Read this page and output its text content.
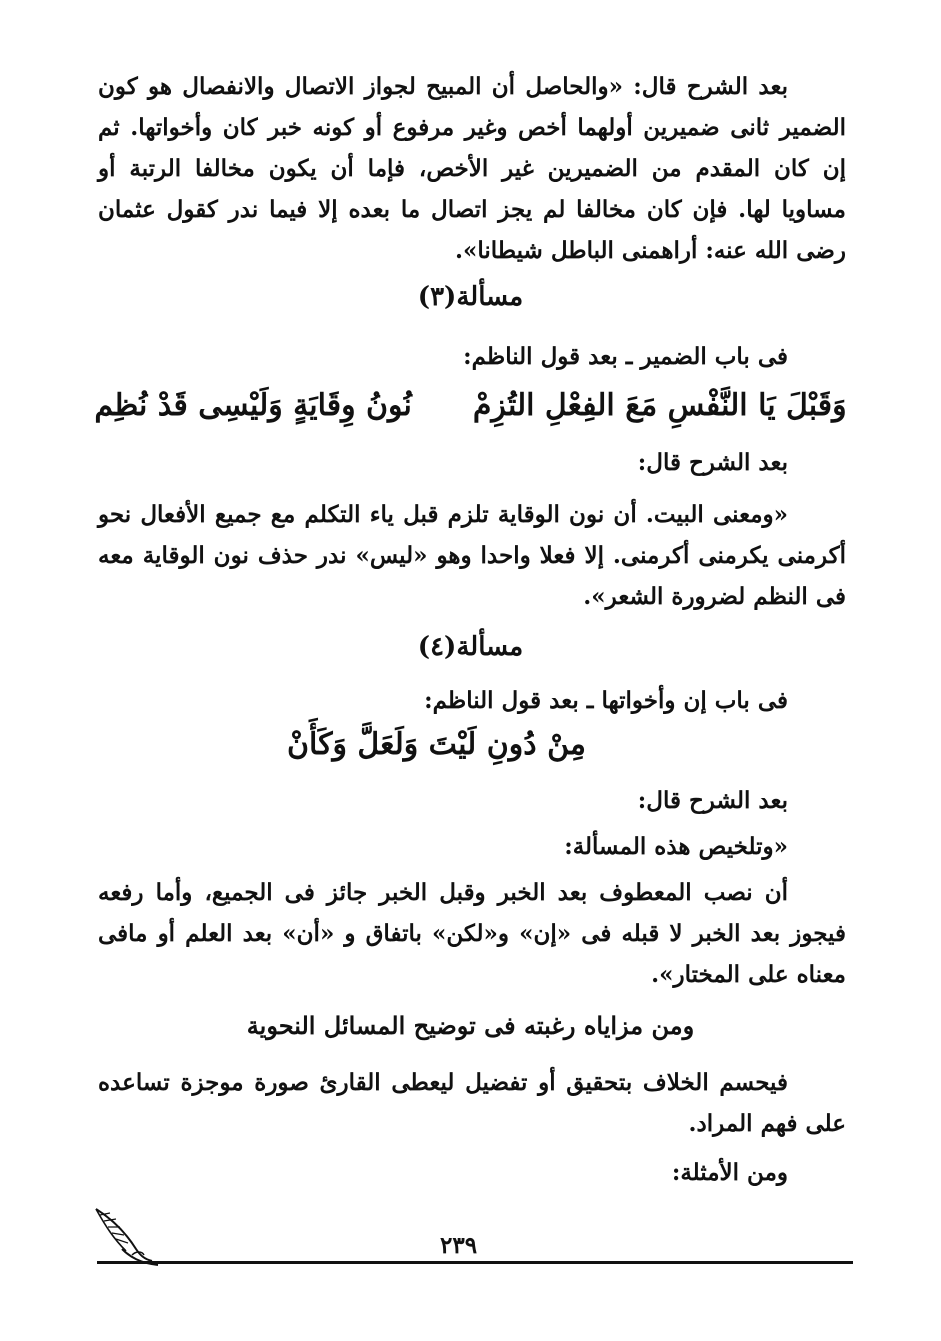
بعد الشرح قال: «والحاصل أن المبيح لجواز الاتصال والانفصال هو كون الضمير ثانى ضميرين أولهما أخص وغير مرفوع أو كونه خبر كان وأخواتها. ثم إن كان المقدم من الضميرين غير الأخص، فإما أن يكون مخالفا الرتبة أو مساويا لها. فإن كان مخالفا لم يجز اتصال ما بعده إلا فيما ندر كقول عثمان رضى الله عنه: أراهمنى الباطل شيطانا».
مسألة(٣)
فى باب الضمير ـ بعد قول الناظم:
وَقَبْلَ يَا النَّفْسِ مَعَ الفِعْلِ التُزِمْ  نُونُ وِقَايَةٍ وَلَيْسِى قَدْ نُظِم
بعد الشرح قال:
«ومعنى البيت. أن نون الوقاية تلزم قبل ياء التكلم مع جميع الأفعال نحو أكرمنى يكرمنى أكرمنى. إلا فعلا واحدا وهو «ليس» ندر حذف نون الوقاية معه فى النظم لضرورة الشعر».
مسألة(٤)
فى باب إن وأخواتها ـ بعد قول الناظم:
مِنْ دُونِ لَيْتَ وَلَعَلَّ وَكَأَنْ
بعد الشرح قال:
«وتلخيص هذه المسألة:
أن نصب المعطوف بعد الخبر وقبل الخبر جائز فى الجميع، وأما رفعه فيجوز بعد الخبر لا قبله فى «إن» و«لكن» باتفاق و «أن» بعد العلم أو مافى معناه على المختار».
ومن مزاياه رغبته فى توضيح المسائل النحوية
فيحسم الخلاف بتحقيق أو تفضيل ليعطى القارئ صورة موجزة تساعده على فهم المراد.
ومن الأمثلة:
٢٣٩
